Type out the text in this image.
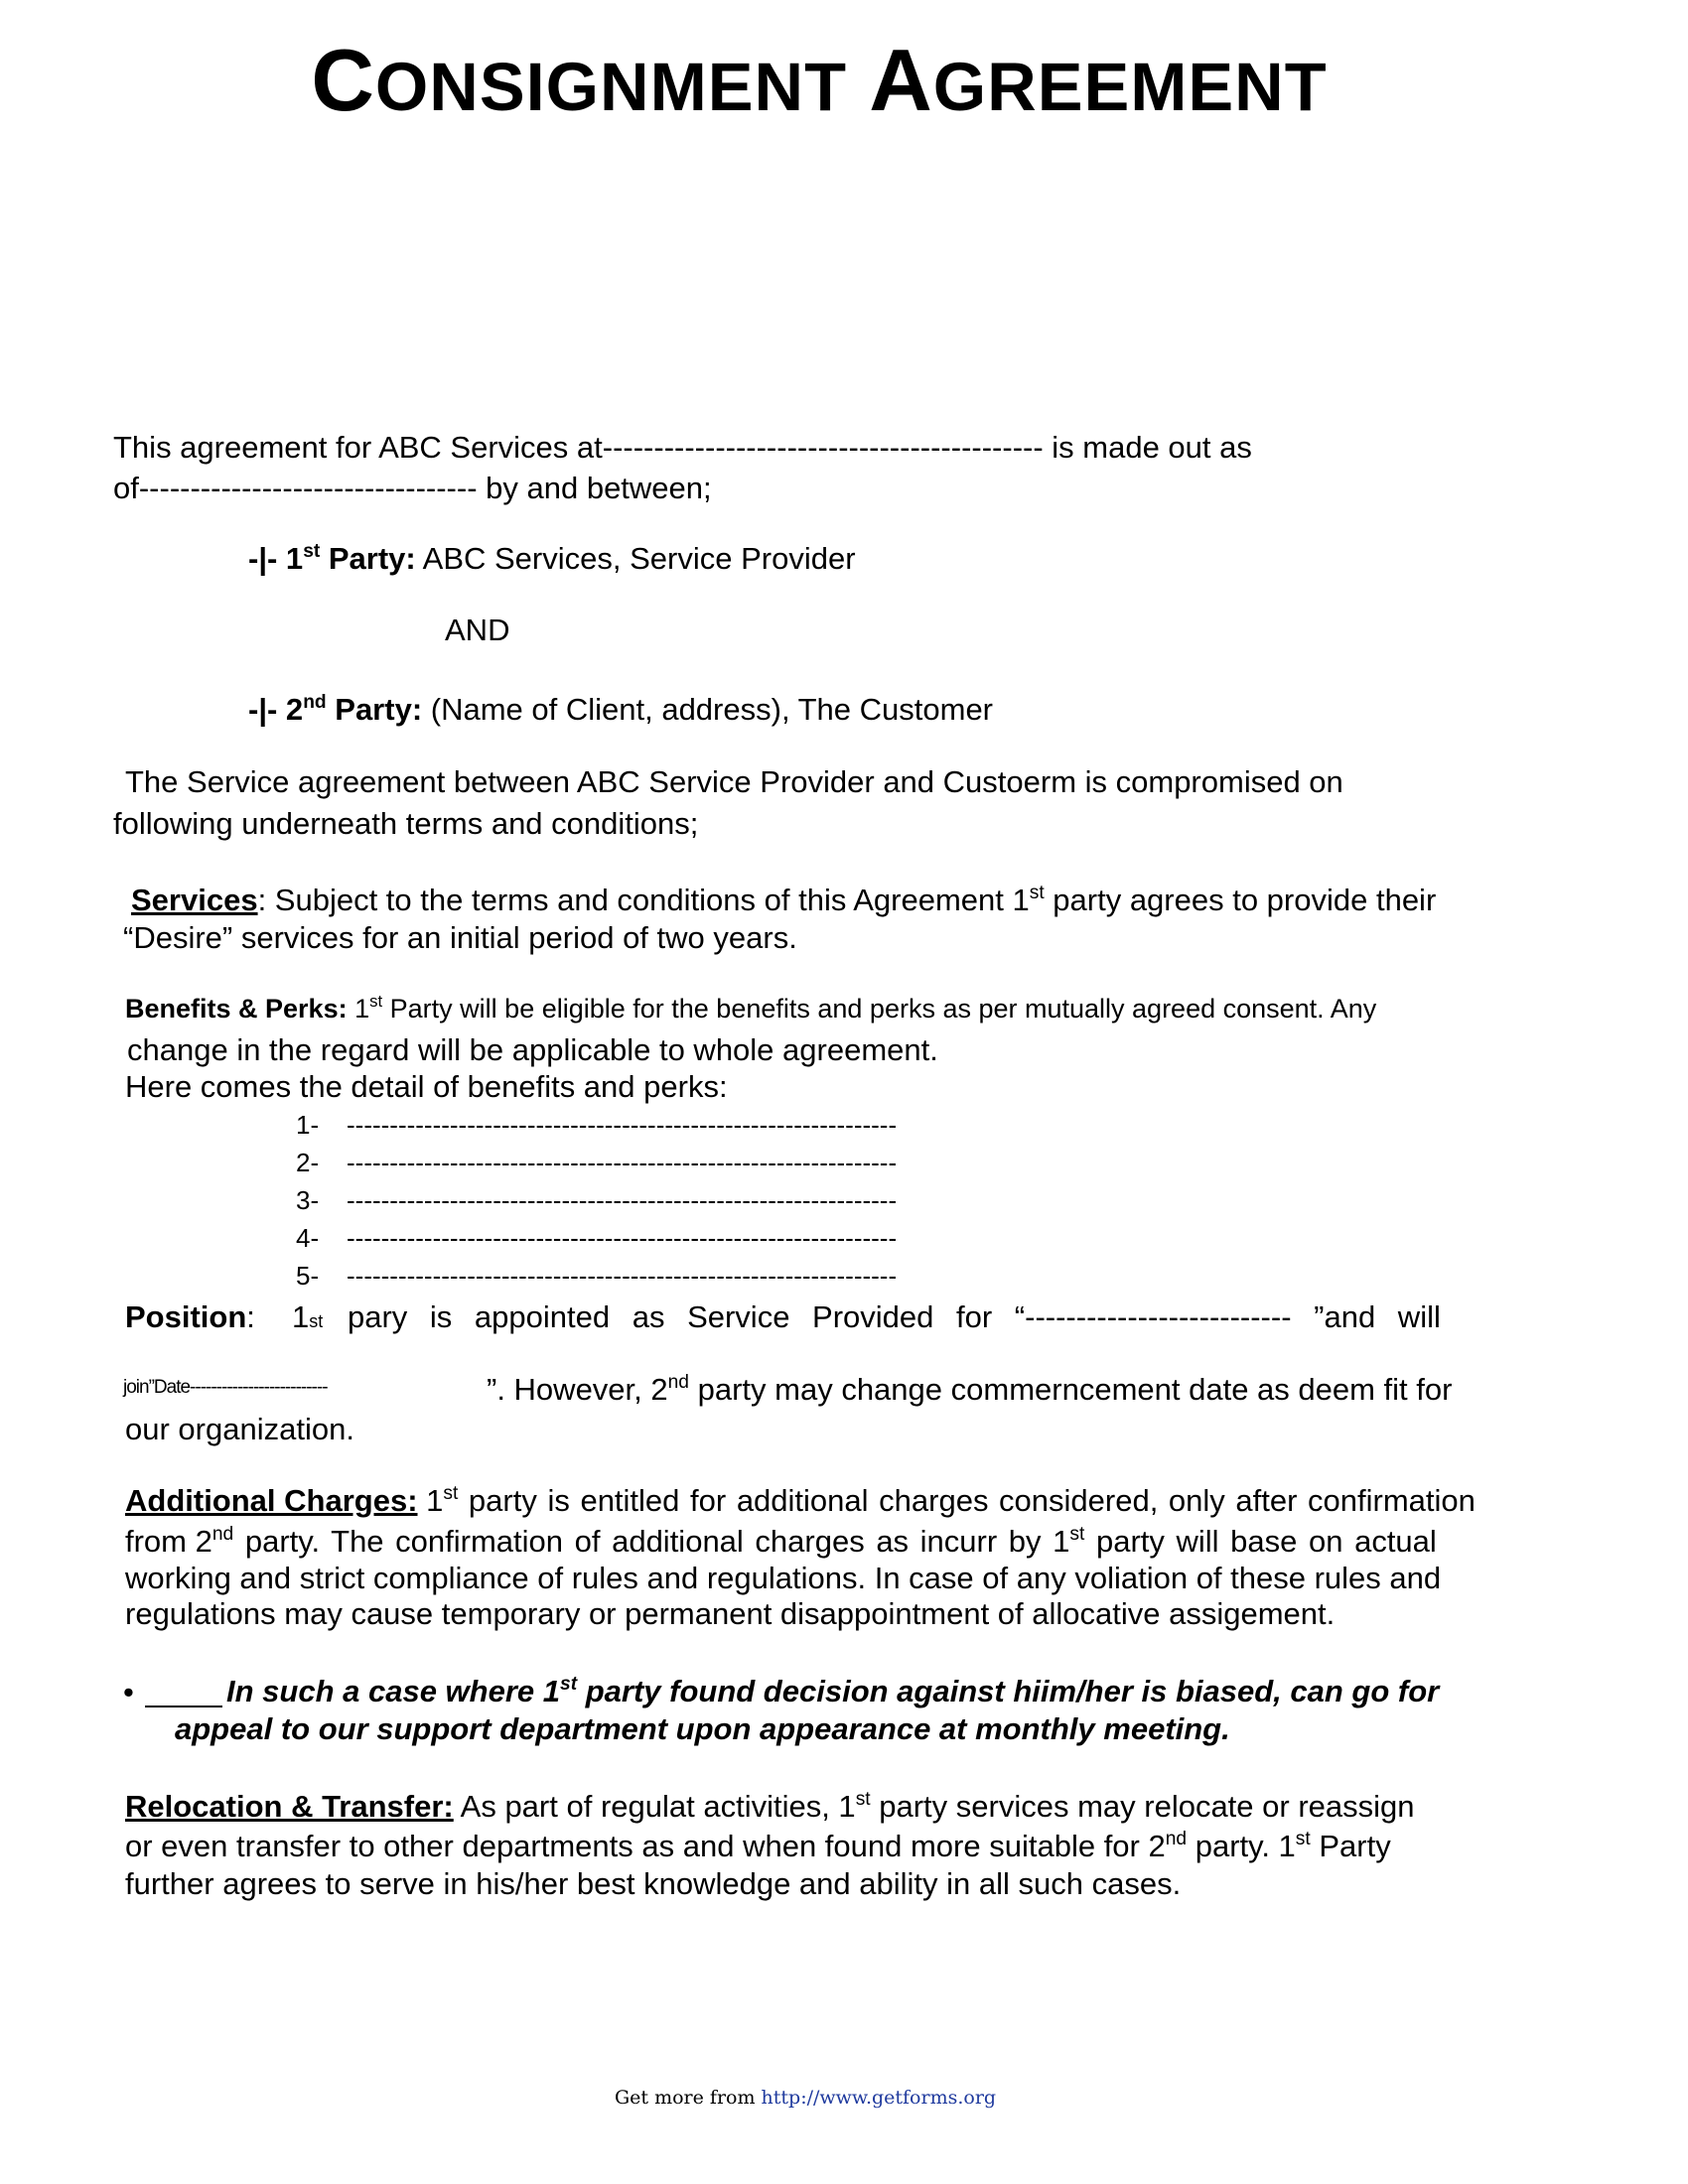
CONSIGNMENT AGREEMENT
This agreement for ABC Services at------------------------------------------- is made out as
of--------------------------------- by and between;
-|- 1st Party: ABC Services, Service Provider
AND
-|- 2nd Party: (Name of Client, address), The Customer
The Service agreement between ABC Service Provider and Custoerm is compromised on
following underneath terms and conditions;
Services: Subject to the terms and conditions of this Agreement 1st party agrees to provide their
“Desire” services for an initial period of two years.
Benefits & Perks: 1st Party will be eligible for the benefits and perks as per mutually agreed consent. Any
change in the regard will be applicable to whole agreement.
Here comes the detail of benefits and perks:
1- ----------------------------------------------------------------
2- ----------------------------------------------------------------
3- ----------------------------------------------------------------
4- ----------------------------------------------------------------
5- ----------------------------------------------------------------
Position: 1st pary is appointed as Service Provided for “-------------------------- ”and will
join”Date--------------------------	”. However, 2nd party may change commerncement date as deem fit for
our organization.
Additional Charges: 1st party is entitled for additional charges considered, only after confirmation
from 2nd party. The confirmation of additional charges as incurr by 1st party will base on actual
working and strict compliance of rules and regulations. In case of any voliation of these rules and
regulations may cause temporary or permanent disappointment of allocative assigement.
•	In such a case where 1st party found decision against hiim/her is biased, can go for
appeal to our support department upon appearance at monthly meeting.
Relocation & Transfer: As part of regulat activities, 1st party services may relocate or reassign
or even transfer to other departments as and when found more suitable for 2nd party. 1st Party
further agrees to serve in his/her best knowledge and ability in all such cases.
Get more from http://www.getforms.org
